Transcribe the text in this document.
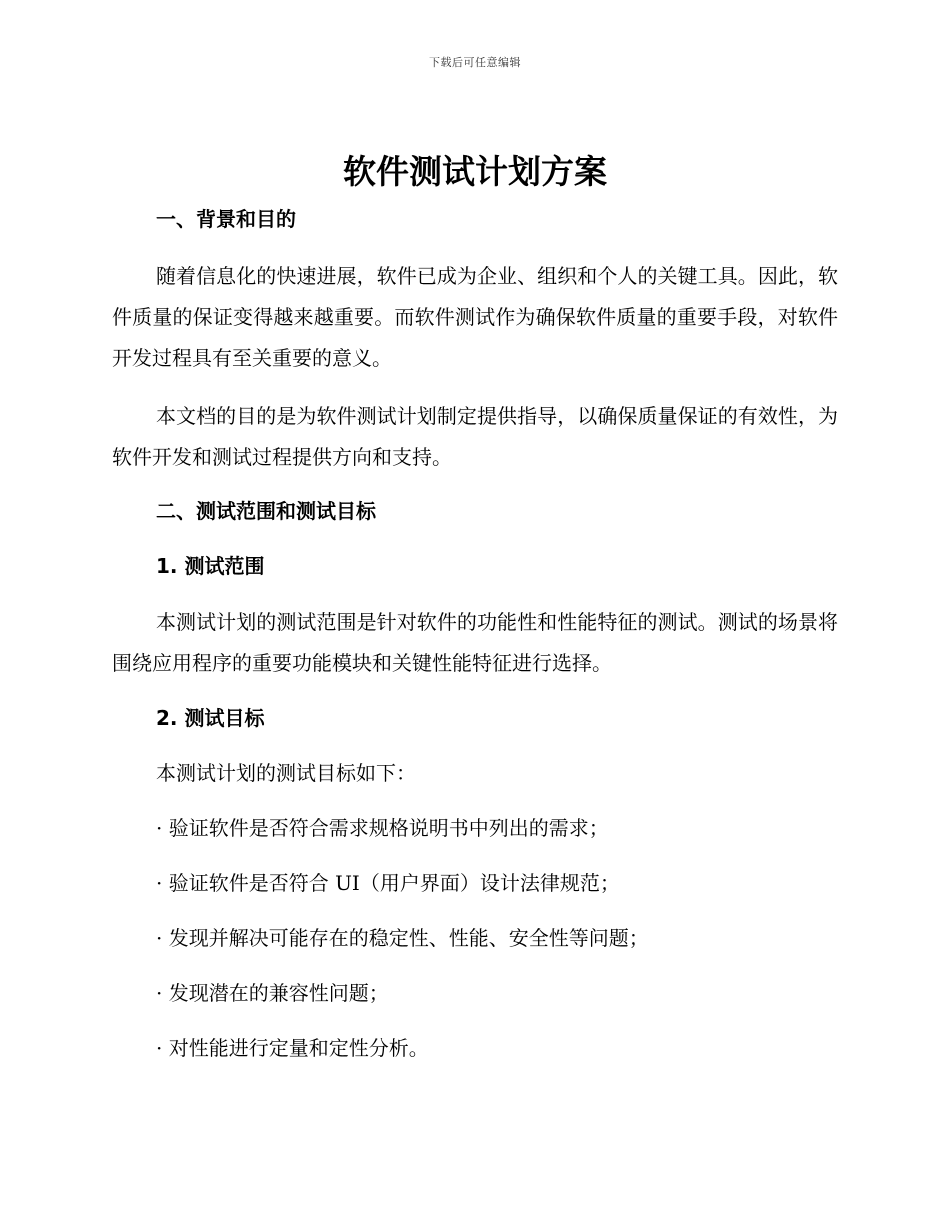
下载后可任意编辑
软件测试计划方案
一、背景和目的

随着信息化的快速进展，软件已成为企业、组织和个人的关键工具。因此，软件质量的保证变得越来越重要。而软件测试作为确保软件质量的重要手段，对软件开发过程具有至关重要的意义。

本文档的目的是为软件测试计划制定提供指导，以确保质量保证的有效性，为软件开发和测试过程提供方向和支持。

二、测试范围和测试目标
1. 测试范围

本测试计划的测试范围是针对软件的功能性和性能特征的测试。测试的场景将围绕应用程序的重要功能模块和关键性能特征进行选择。

2. 测试目标

本测试计划的测试目标如下：

· 验证软件是否符合需求规格说明书中列出的需求；

· 验证软件是否符合 UI（用户界面）设计法律规范；

· 发现并解决可能存在的稳定性、性能、安全性等问题；

· 发现潜在的兼容性问题；

· 对性能进行定量和定性分析。
